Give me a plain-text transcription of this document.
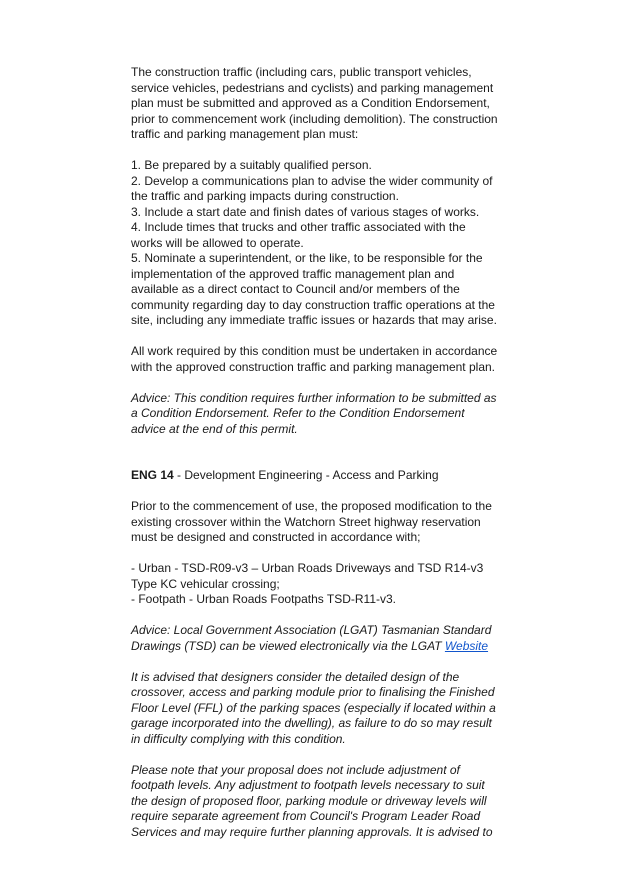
The construction traffic (including cars, public transport vehicles,
service vehicles, pedestrians and cyclists) and parking management
plan must be submitted and approved as a Condition Endorsement,
prior to commencement work (including demolition). The construction
traffic and parking management plan must:

1. Be prepared by a suitably qualified person.
2. Develop a communications plan to advise the wider community of
the traffic and parking impacts during construction.
3. Include a start date and finish dates of various stages of works.
4. Include times that trucks and other traffic associated with the
works will be allowed to operate.
5. Nominate a superintendent, or the like, to be responsible for the
implementation of the approved traffic management plan and
available as a direct contact to Council and/or members of the
community regarding day to day construction traffic operations at the
site, including any immediate traffic issues or hazards that may arise.

All work required by this condition must be undertaken in accordance
with the approved construction traffic and parking management plan.

Advice: This condition requires further information to be submitted as
a Condition Endorsement. Refer to the Condition Endorsement
advice at the end of this permit.

ENG 14 - Development Engineering - Access and Parking

Prior to the commencement of use, the proposed modification to the
existing crossover within the Watchorn Street highway reservation
must be designed and constructed in accordance with;

- Urban - TSD-R09-v3 – Urban Roads Driveways and TSD R14-v3
Type KC vehicular crossing;
- Footpath - Urban Roads Footpaths TSD-R11-v3.

Advice: Local Government Association (LGAT) Tasmanian Standard
Drawings (TSD) can be viewed electronically via the LGAT Website

It is advised that designers consider the detailed design of the
crossover, access and parking module prior to finalising the Finished
Floor Level (FFL) of the parking spaces (especially if located within a
garage incorporated into the dwelling), as failure to do so may result
in difficulty complying with this condition.

Please note that your proposal does not include adjustment of
footpath levels. Any adjustment to footpath levels necessary to suit
the design of proposed floor, parking module or driveway levels will
require separate agreement from Council's Program Leader Road
Services and may require further planning approvals. It is advised to
